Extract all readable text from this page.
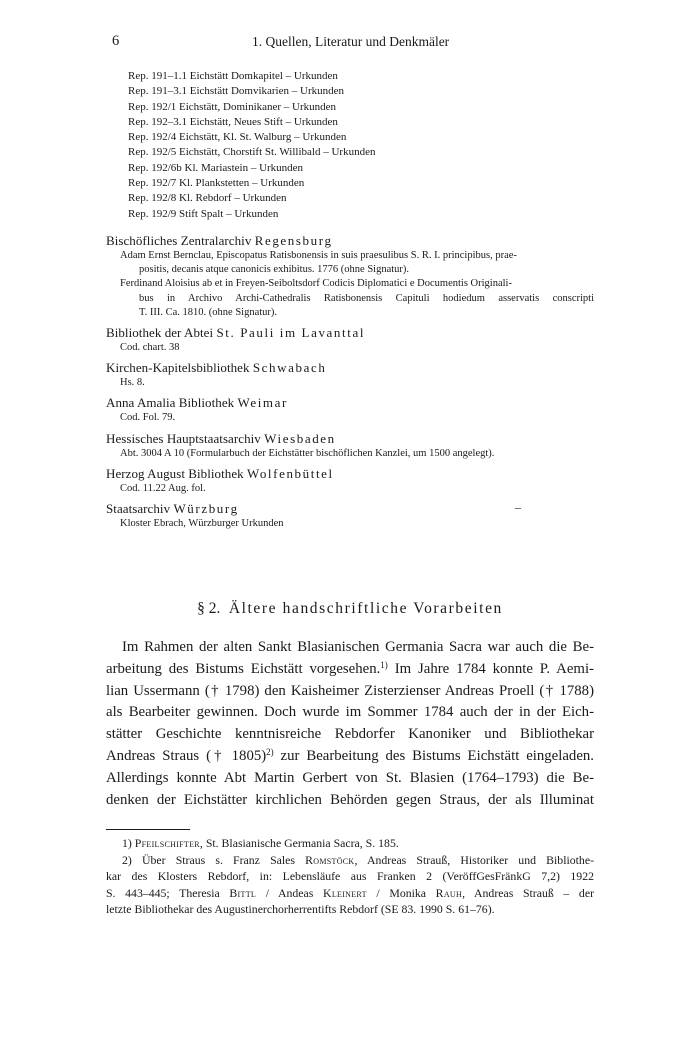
6	1. Quellen, Literatur und Denkmäler
Rep. 191–1.1 Eichstätt Domkapitel – Urkunden
Rep. 191–3.1 Eichstätt Domvikarien – Urkunden
Rep. 192/1 Eichstätt, Dominikaner – Urkunden
Rep. 192–3.1 Eichstätt, Neues Stift – Urkunden
Rep. 192/4 Eichstätt, Kl. St. Walburg – Urkunden
Rep. 192/5 Eichstätt, Chorstift St. Willibald – Urkunden
Rep. 192/6b Kl. Mariastein – Urkunden
Rep. 192/7 Kl. Plankstetten – Urkunden
Rep. 192/8 Kl. Rebdorf – Urkunden
Rep. 192/9 Stift Spalt – Urkunden
Bischöfliches Zentralarchiv Regensburg
Adam Ernst Bernclau, Episcopatus Ratisbonensis in suis praesulibus S. R. I. principibus, prae-
positis, decanis atque canonicis exhibitus. 1776 (ohne Signatur).
Ferdinand Aloisius ab et in Freyen-Seiboltsdorf Codicis Diplomatici e Documentis Originali-
bus in Archivo Archi-Cathedralis Ratisbonensis Capituli hodiedum asservatis conscripti
T. III. Ca. 1810. (ohne Signatur).
Bibliothek der Abtei St. Pauli im Lavanttal
Cod. chart. 38
Kirchen-Kapitelsbibliothek Schwabach
Hs. 8.
Anna Amalia Bibliothek Weimar
Cod. Fol. 79.
Hessisches Hauptstaatsarchiv Wiesbaden
Abt. 3004 A 10 (Formularbuch der Eichstätter bischöflichen Kanzlei, um 1500 angelegt).
Herzog August Bibliothek Wolfenbüttel
Cod. 11.22 Aug. fol.
Staatsarchiv Würzburg
Kloster Ebrach, Würzburger Urkunden
–
§ 2. Ältere handschriftliche Vorarbeiten
Im Rahmen der alten Sankt Blasianischen Germania Sacra war auch die Be-
arbeitung des Bistums Eichstätt vorgesehen.$^{1)}$ Im Jahre 1784 konnte P. Aemi-
lian Ussermann († 1798) den Kaisheimer Zisterzienser Andreas Proell († 1788)
als Bearbeiter gewinnen. Doch wurde im Sommer 1784 auch der in der Eich-
stätter Geschichte kenntnisreiche Rebdorfer Kanoniker und Bibliothekar
Andreas Straus († 1805)$^{2)}$ zur Bearbeitung des Bistums Eichstätt eingeladen.
Allerdings konnte Abt Martin Gerbert von St. Blasien (1764–1793) die Be-
denken der Eichstätter kirchlichen Behörden gegen Straus, der als Illuminat
1) Pfeilschifter, St. Blasianische Germania Sacra, S. 185.
2) Über Straus s. Franz Sales Romstöck, Andreas Strauß, Historiker und Bibliothe-
kar des Klosters Rebdorf, in: Lebensläufe aus Franken 2 (VeröffGesFränkG 7,2) 1922
S. 443–445; Theresia Bittl / Andeas Kleinert / Monika Rauh, Andreas Strauß – der
letzte Bibliothekar des Augustinerchorherrentifts Rebdorf (SE 83. 1990 S. 61–76).
